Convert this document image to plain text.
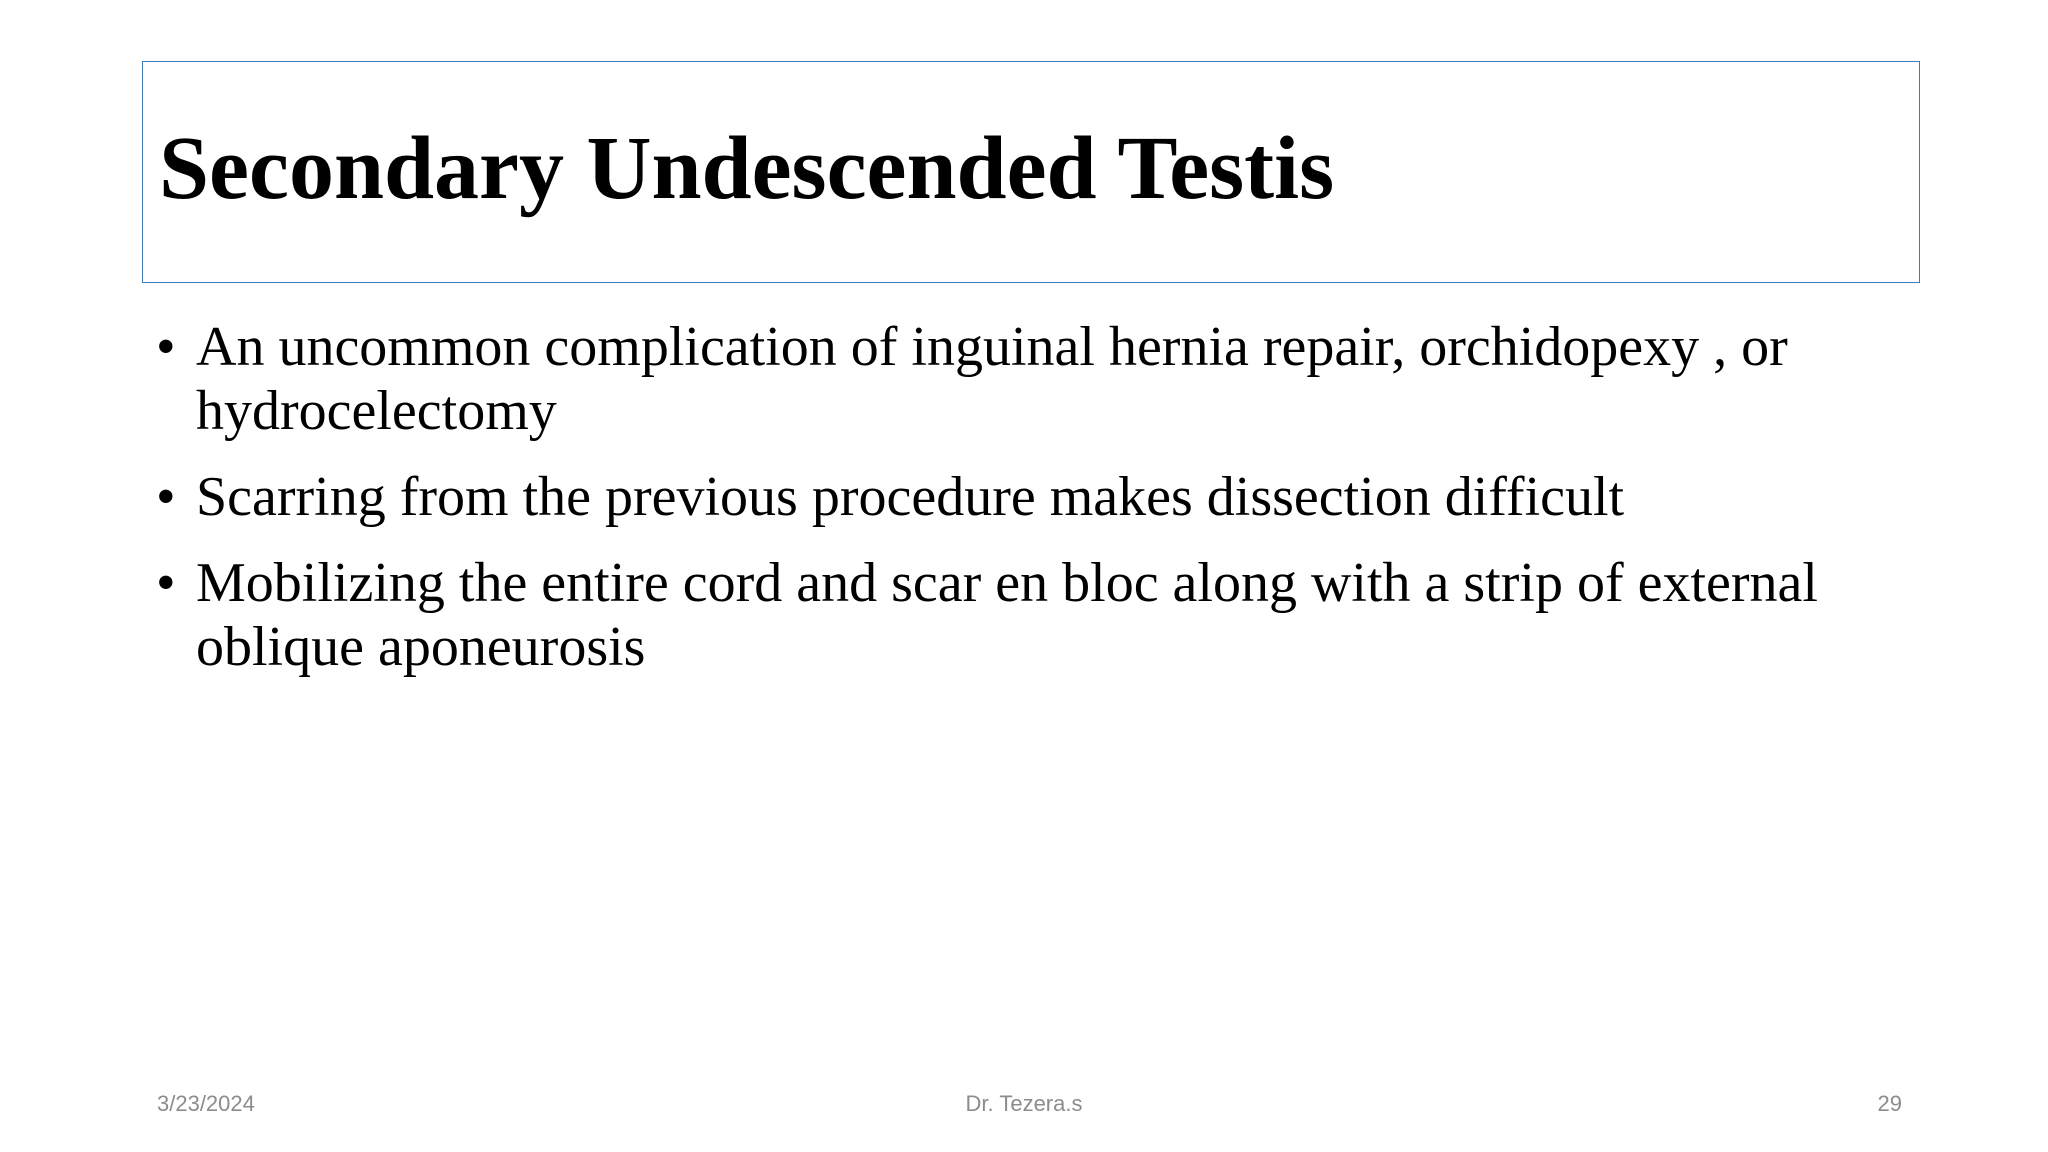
Secondary Undescended Testis
• An uncommon complication of inguinal hernia repair, orchidopexy , or hydrocelectomy
• Scarring from the previous procedure makes dissection difficult
• Mobilizing the entire cord and scar en bloc along with a strip of external oblique aponeurosis
3/23/2024	Dr. Tezera.s	29
